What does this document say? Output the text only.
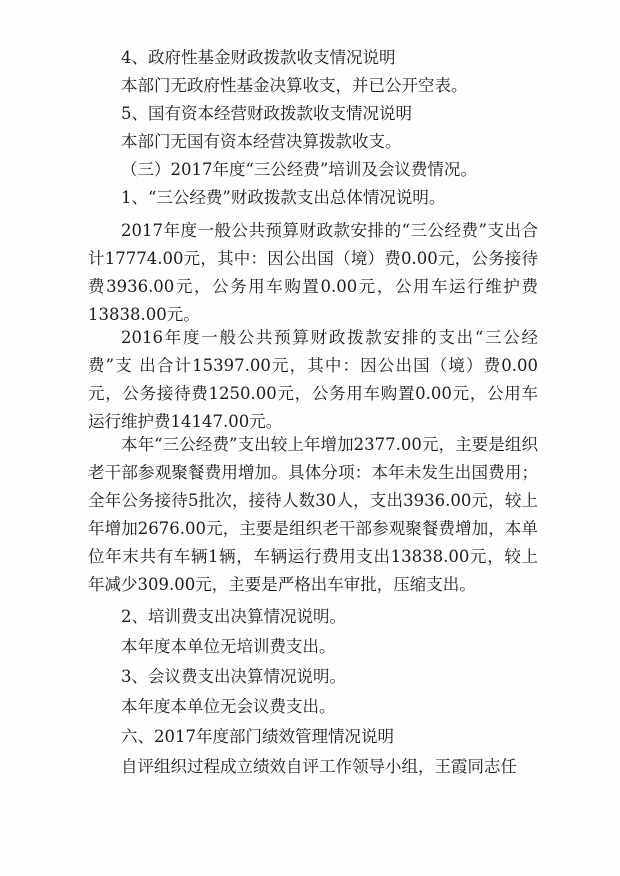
4、政府性基金财政拨款收支情况说明

本部门无政府性基金决算收支，并已公开空表。

5、国有资本经营财政拨款收支情况说明

本部门无国有资本经营决算拨款收支。

（三）2017年度“三公经费”培训及会议费情况。

1、“三公经费”财政拨款支出总体情况说明。

2017年度一般公共预算财政款安排的“三公经费”支出合计17774.00元，其中：因公出国（境）费0.00元，公务接待费3936.00元，公务用车购置0.00元，公用车运行维护费13838.00元。

2016年度一般公共预算财政拨款安排的支出“三公经费”支 出合计15397.00元，其中：因公出国（境）费0.00元，公务接待费1250.00元，公务用车购置0.00元，公用车运行维护费14147.00元。

本年“三公经费”支出较上年增加2377.00元，主要是组织老干部参观聚餐费用增加。具体分项：本年未发生出国费用；全年公务接待5批次，接待人数30人，支出3936.00元，较上年增加2676.00元，主要是组织老干部参观聚餐费增加，本单位年末共有车辆1辆，车辆运行费用支出13838.00元，较上年减少309.00元，主要是严格出车审批，压缩支出。

2、培训费支出决算情况说明。

本年度本单位无培训费支出。

3、会议费支出决算情况说明。

本年度本单位无会议费支出。

六、2017年度部门绩效管理情况说明

自评组织过程成立绩效自评工作领导小组，王霞同志任
